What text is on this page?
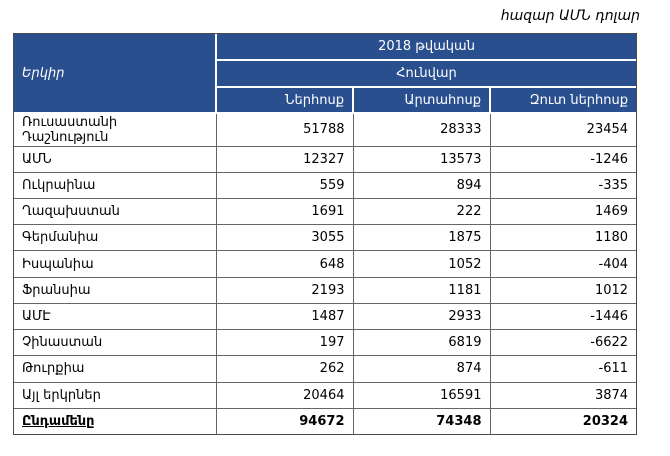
հազար ԱՄՆ դոլար
Երկիր	2018 թվական		
	Հունվար		
	Ներհոսք	Արտահոսք	Զուտ ներհոսք
Ռուսաստանի Դաշնություն	51788	28333	23454
ԱՄՆ	12327	13573	-1246
Ուկրաինա	559	894	-335
Ղազախստան	1691	222	1469
Գերմանիա	3055	1875	1180
Իսպանիա	648	1052	-404
Ֆրանսիա	2193	1181	1012
ԱՄԷ	1487	2933	-1446
Չինաստան	197	6819	-6622
Թուրքիա	262	874	-611
Այլ երկրներ	20464	16591	3874
Ընդամենը	94672	74348	20324
